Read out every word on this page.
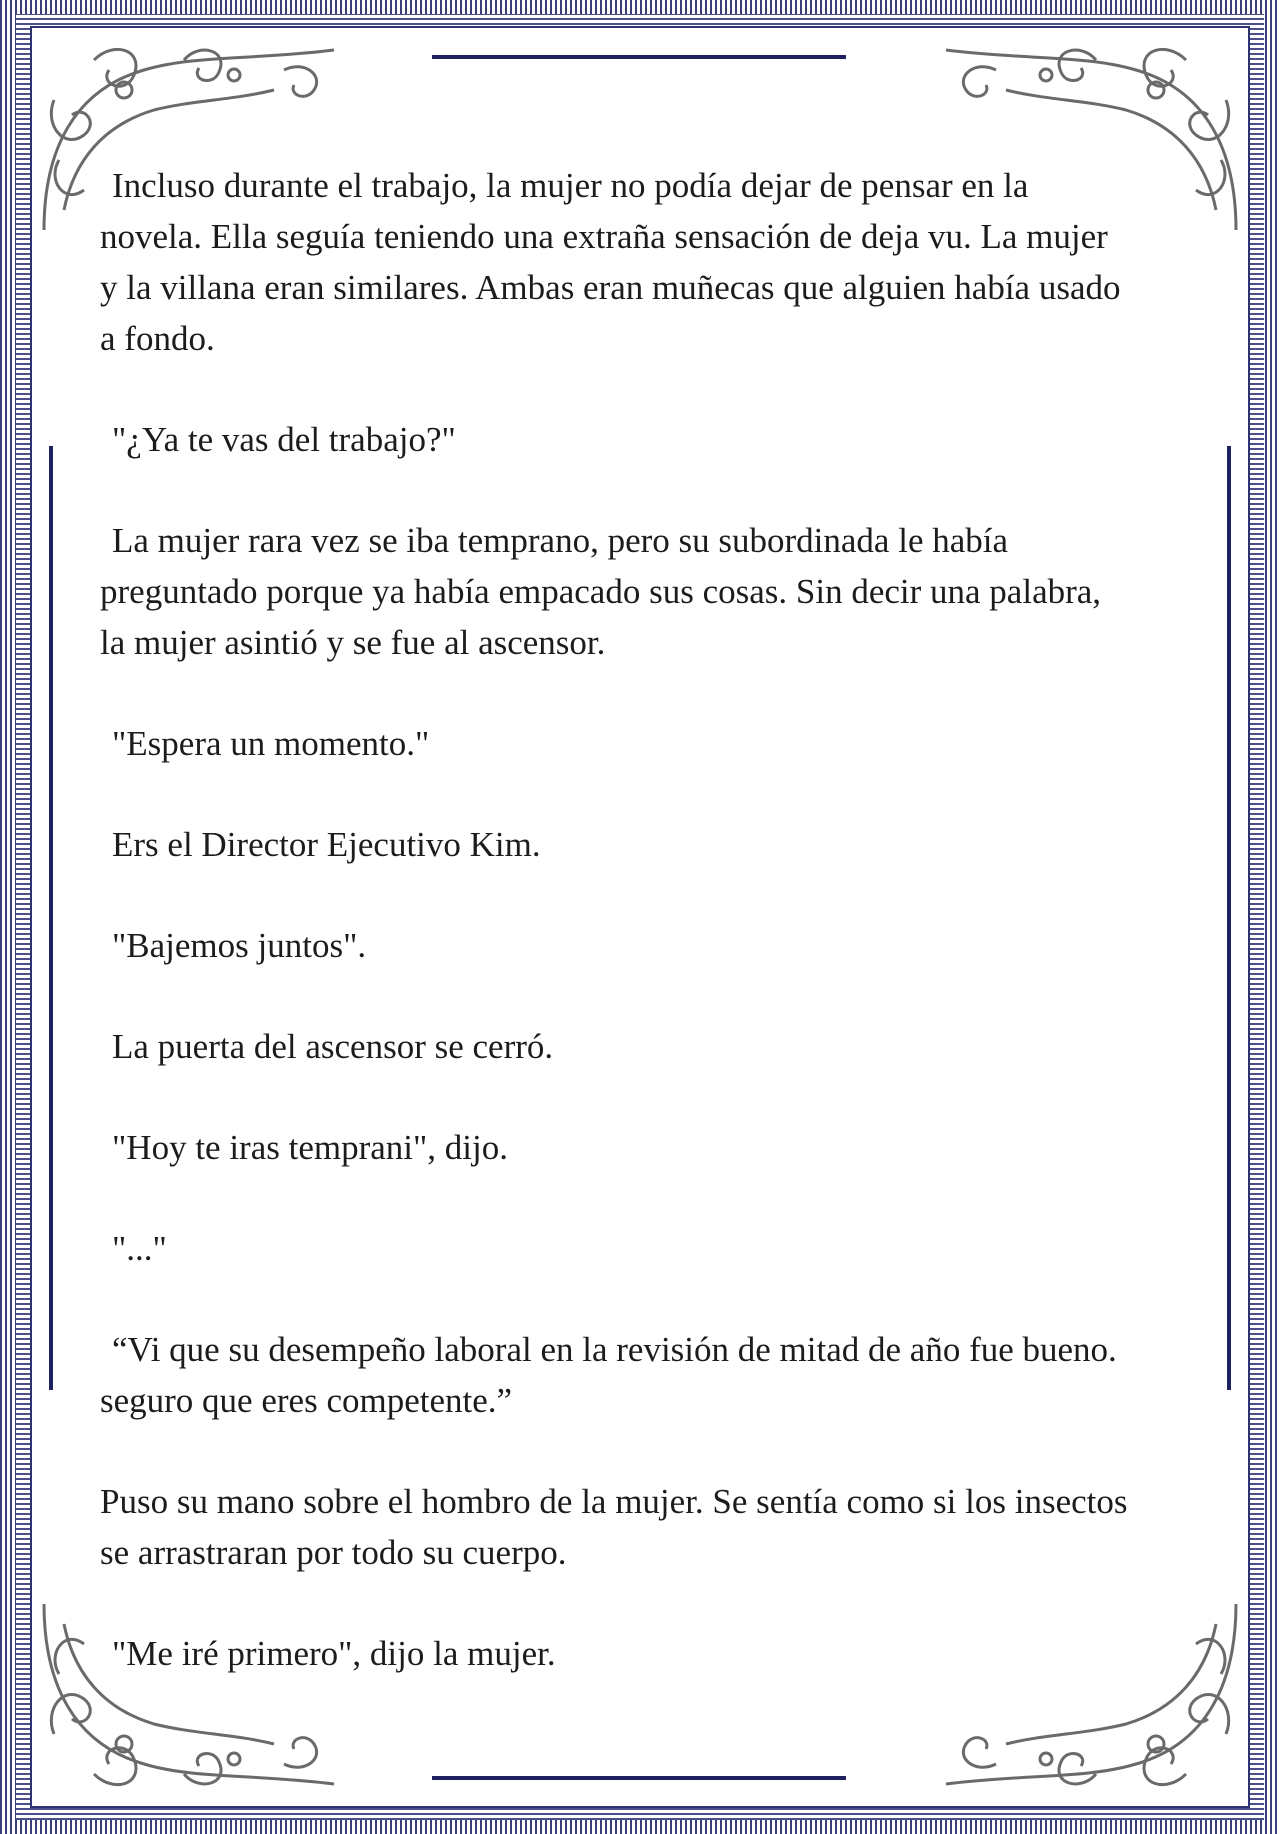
Incluso durante el trabajo, la mujer no podía dejar de pensar en la novela. Ella seguía teniendo una extraña sensación de deja vu. La mujer y la villana eran similares. Ambas eran muñecas que alguien había usado a fondo.

"¿Ya te vas del trabajo?"

La mujer rara vez se iba temprano, pero su subordinada le había preguntado porque ya había empacado sus cosas. Sin decir una palabra, la mujer asintió y se fue al ascensor.

"Espera un momento."

Ers el Director Ejecutivo Kim.

"Bajemos juntos".

La puerta del ascensor se cerró.

"Hoy te iras temprani", dijo.

"..."

“Vi que su desempeño laboral en la revisión de mitad de año fue bueno. seguro que eres competente.”

Puso su mano sobre el hombro de la mujer. Se sentía como si los insectos se arrastraran por todo su cuerpo.

"Me iré primero", dijo la mujer.
